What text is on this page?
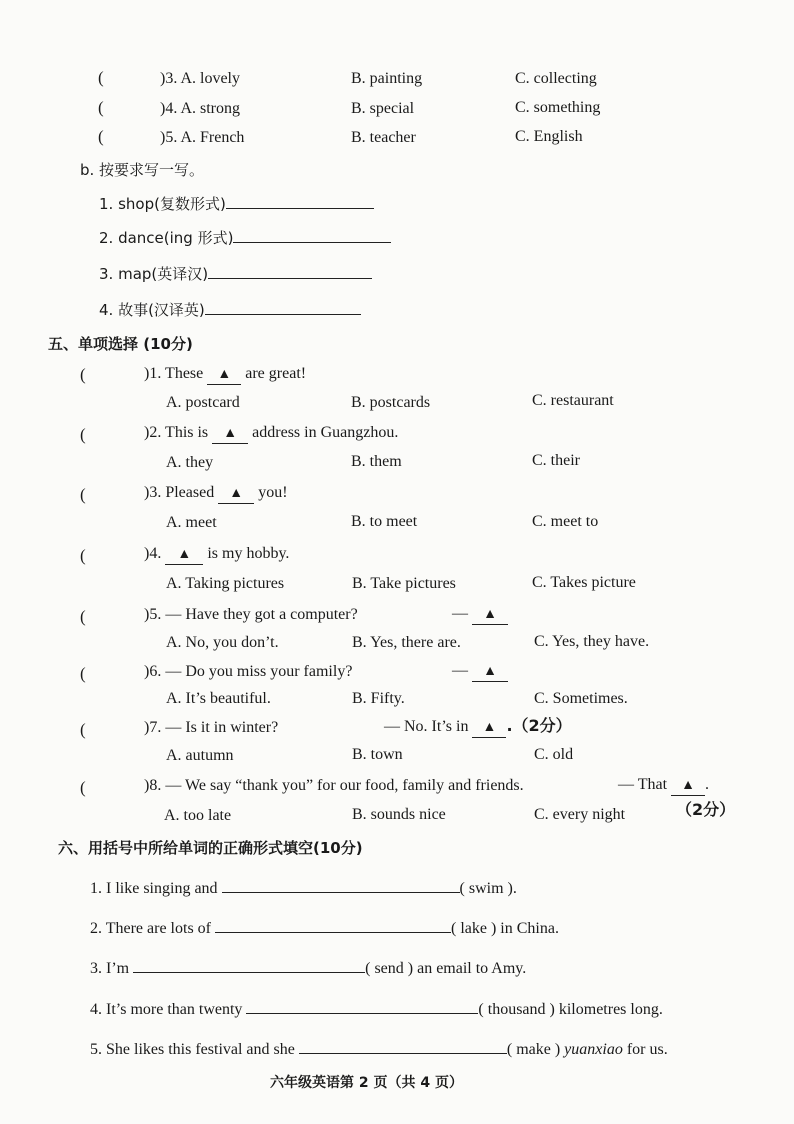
(	)3. A. lovely	B. painting	C. collecting
(	)4. A. strong	B. special	C. something
(	)5. A. French	B. teacher	C. English
b. 按要求写一写。
1. shop(复数形式)
2. dance(ing 形式)
3. map(英译汉)
4. 故事(汉译英)
五、单项选择 (10分)
(	)1. These ▲ are great!
A. postcard	B. postcards	C. restaurant
(	)2. This is ▲ address in Guangzhou.
A. they	B. them	C. their
(	)3. Pleased ▲ you!
A. meet	B. to meet	C. meet to
(	)4. ▲ is my hobby.
A. Taking pictures	B. Take pictures	C. Takes picture
(	)5. — Have they got a computer?	— ▲
A. No, you don’t.	B. Yes, there are.	C. Yes, they have.
(	)6. — Do you miss your family?	— ▲
A. It’s beautiful.	B. Fifty.	C. Sometimes.
(	)7. — Is it in winter?	— No. It’s in ▲ .（2分）
A. autumn	B. town	C. old
(	)8. — We say “thank you” for our food, family and friends.	— That ▲ .
A. too late	B. sounds nice	C. every night	（2分）
六、用括号中所给单词的正确形式填空(10分)
1. I like singing and	( swim ).
2. There are lots of	( lake ) in China.
3. I’m	( send ) an email to Amy.
4. It’s more than twenty	( thousand ) kilometres long.
5. She likes this festival and she	( make ) yuanxiao for us.
六年级英语第 2 页（共 4 页）
